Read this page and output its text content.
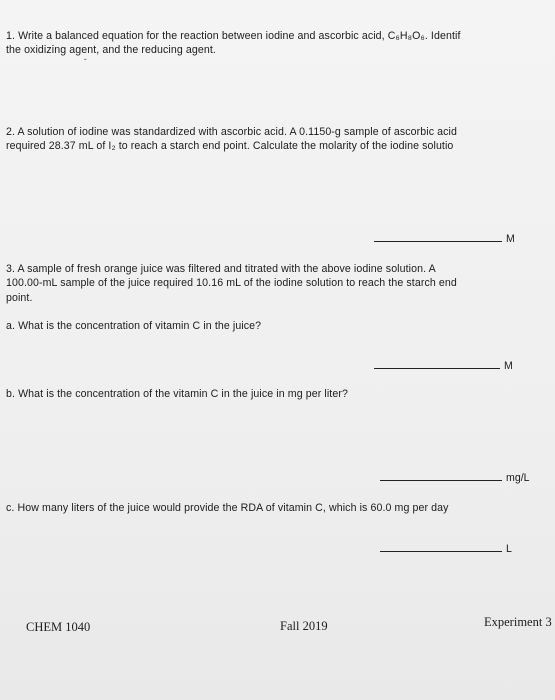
1. Write a balanced equation for the reaction between iodine and ascorbic acid, C₆H₈O₆. Identif
the oxidizing agent, and the reducing agent.
ˇ
2. A solution of iodine was standardized with ascorbic acid. A 0.1150-g sample of ascorbic acid
required 28.37 mL of I₂ to reach a starch end point. Calculate the molarity of the iodine solutio
M
3. A sample of fresh orange juice was filtered and titrated with the above iodine solution. A
100.00-mL sample of the juice required 10.16 mL of the iodine solution to reach the starch end
point.
a. What is the concentration of vitamin C in the juice?
M
b. What is the concentration of the vitamin C in the juice in mg per liter?
mg/L
c. How many liters of the juice would provide the RDA of vitamin C, which is 60.0 mg per day
L
CHEM 1040	Fall 2019	Experiment 3
